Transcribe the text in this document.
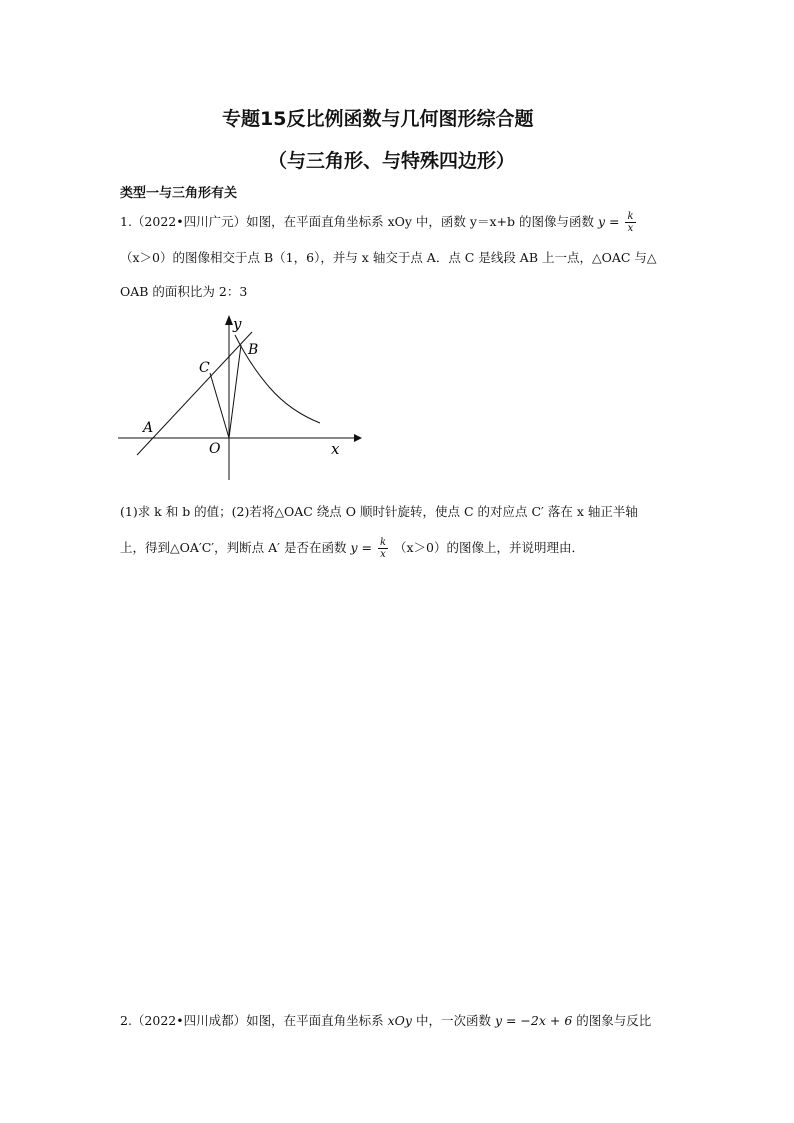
专题15反比例函数与几何图形综合题
（与三角形、与特殊四边形）
类型一与三角形有关
1.（2022•四川广元）如图，在平面直角坐标系 xOy 中，函数 y＝x+b 的图像与函数 $y = \frac{k}{x}$
（x＞0）的图像相交于点 B（1，6），并与 x 轴交于点 A．点 C 是线段 AB 上一点，△OAC 与△
OAB 的面积比为 2：3
y
x
O
A
B
C
(1)求 k 和 b 的值；(2)若将△OAC 绕点 O 顺时针旋转，使点 C 的对应点 C′ 落在 x 轴正半轴
上，得到△OA′C′，判断点 A′ 是否在函数 $y = \frac{k}{x} (x>0)$的图像上，并说明理由．
2.（2022•四川成都）如图，在平面直角坐标系 xOy 中，一次函数 y = −2x + 6 的图象与反比
